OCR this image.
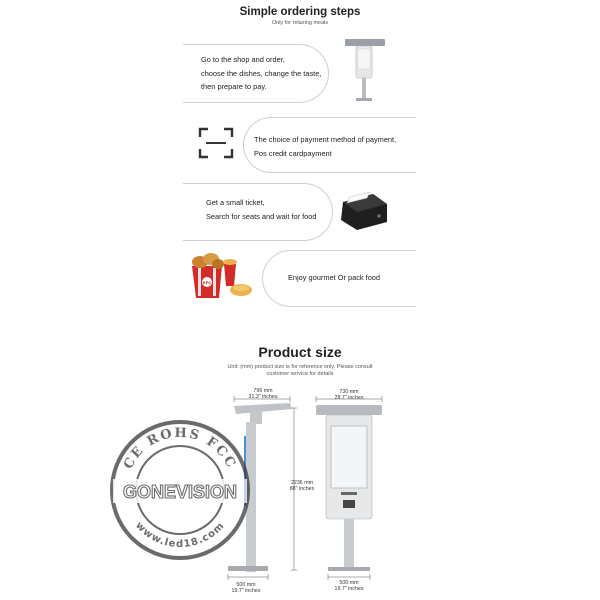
Simple ordering steps
Only for relaxing meals
Go to the shop and order,
choose the dishes, change the taste,
then prepare to pay.
The choice of payment method of payment,
Pos credit cardpayment
Get a small ticket,
Search for seats and wait for food
KFC
Enjoy gourmet Or pack food
Product size
Unit: (mm) product size is for reference only. Please consult
customer service for details
796 mm
31.3" inches
2236 mm
88" inches
500 mm
19.7" inches
730 mm
28.7" inches
500 mm
19.7" inches
CE ROHS FCC
www.led18.com
GONEVISION
